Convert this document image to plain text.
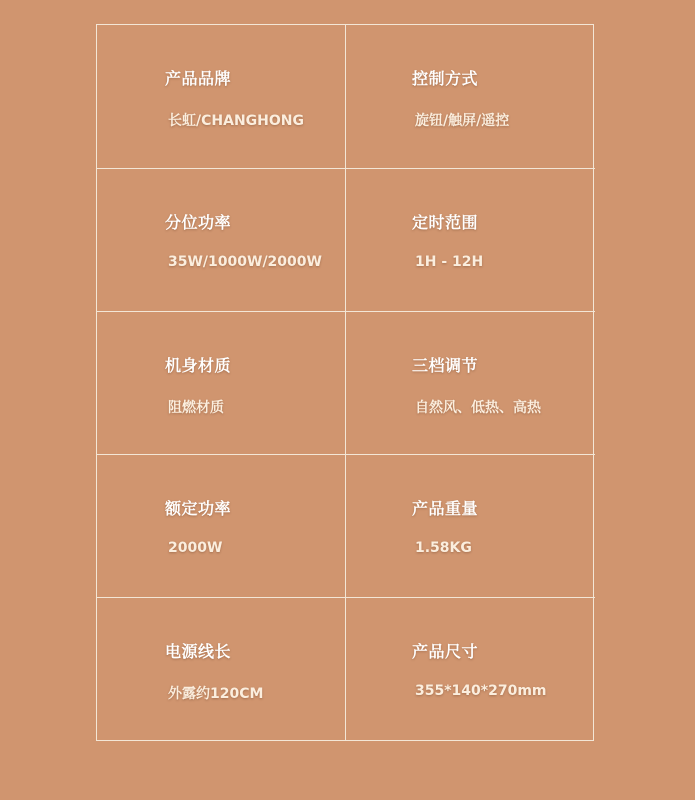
产品品牌
长虹/CHANGHONG
控制方式
旋钮/触屏/遥控
分位功率
35W/1000W/2000W
定时范围
1H - 12H
机身材质
阻燃材质
三档调节
自然风、低热、高热
额定功率
2000W
产品重量
1.58KG
电源线长
外露约120CM
产品尺寸
355*140*270mm
